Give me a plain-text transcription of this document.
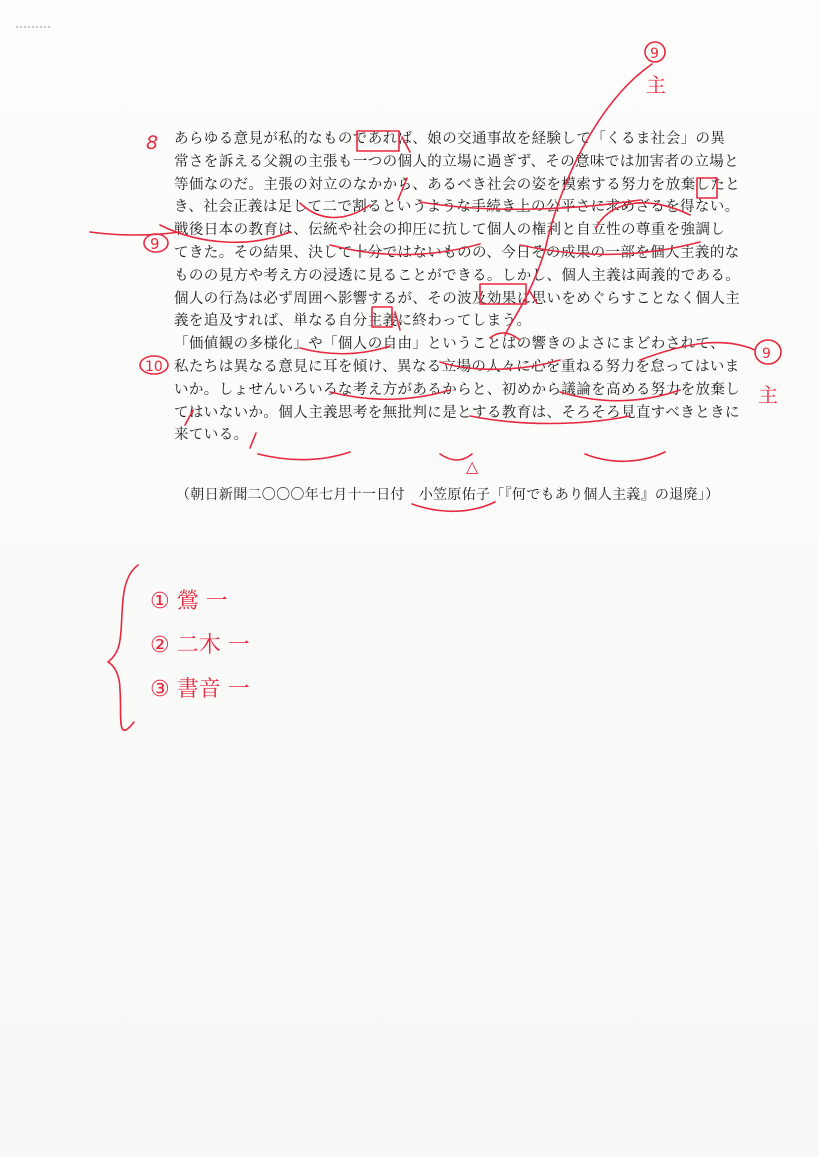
あらゆる意見が私的なものであれば、娘の交通事故を経験して「くるま社会」の異

常さを訴える父親の主張も一つの個人的立場に過ぎず、その意味では加害者の立場と

等価なのだ。主張の対立のなかから、あるべき社会の姿を模索する努力を放棄したと

き、社会正義は足して二で割るというような手続き上の公平さに求めざるを得ない。

戦後日本の教育は、伝統や社会の抑圧に抗して個人の権利と自立性の尊重を強調し

てきた。その結果、決して十分ではないものの、今日その成果の一部を個人主義的な

ものの見方や考え方の浸透に見ることができる。しかし、個人主義は両義的である。

個人の行為は必ず周囲へ影響するが、その波及効果に思いをめぐらすことなく個人主

義を追及すれば、単なる自分主義に終わってしまう。

「価値観の多様化」や「個人の自由」ということばの響きのよさにまどわされて、

私たちは異なる意見に耳を傾け、異なる立場の人々に心を重ねる努力を怠ってはいま

いか。しょせんいろいろな考え方があるからと、初めから議論を高める努力を放棄し

てはいないか。個人主義思考を無批判に是とする教育は、そろそろ見直すべきときに

来ている。

（朝日新聞二〇〇〇年七月十一日付 小笠原佑子「『何でもあり個人主義』の退廃」）

8
9
10
9
主
9
主
△
① 鶯 一
② 二木 一
③ 書音 一
